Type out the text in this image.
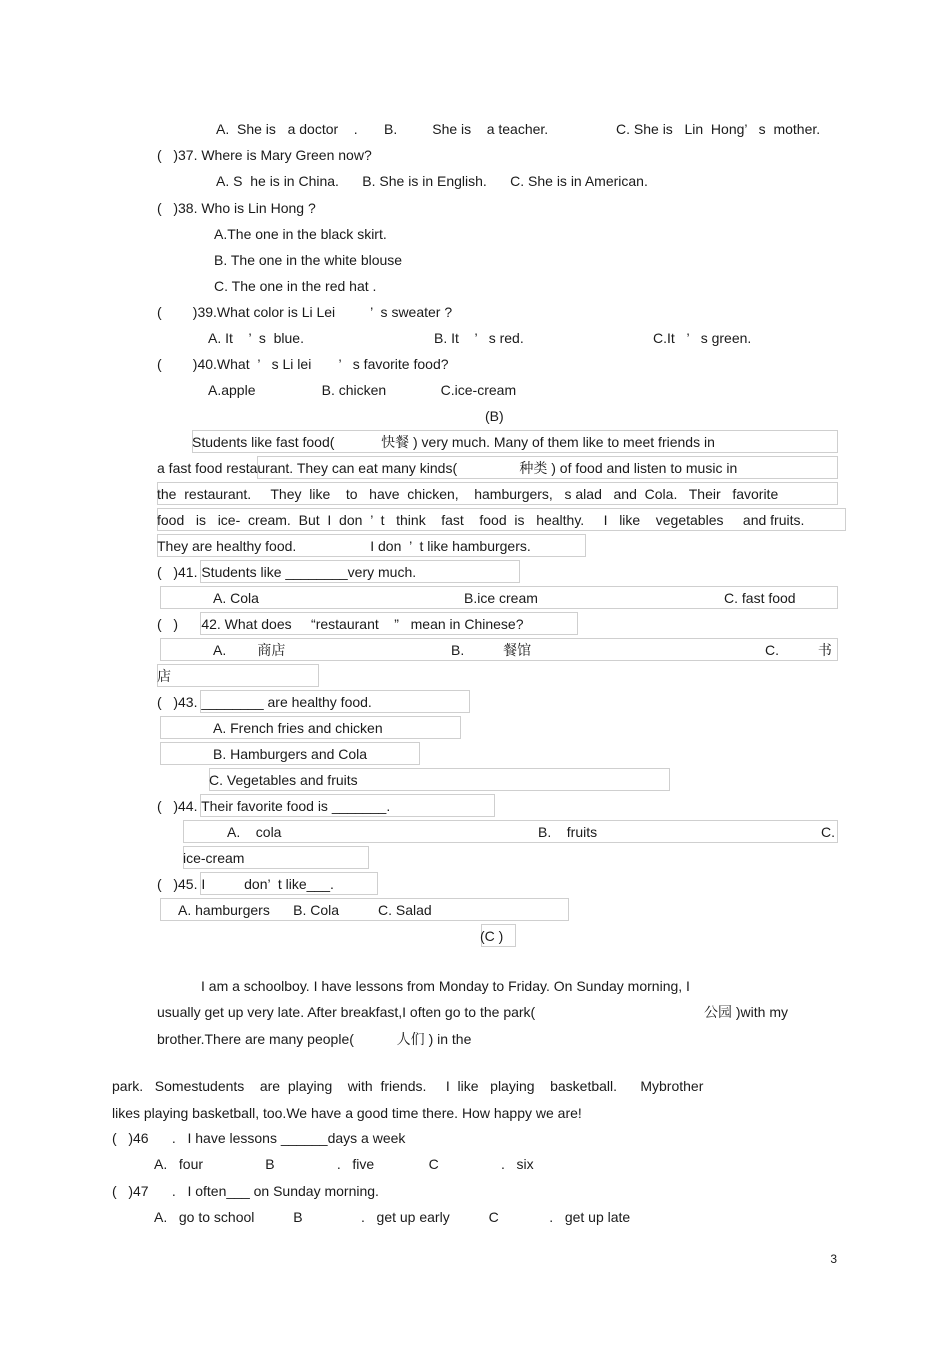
A.  She is   a doctor    . B.         She is    a teacher.	C. She is   Lin  Hong’   s  mother.
(   )37. Where is Mary Green now?
A. S  he is in China.      B. She is in English.      C. She is in American.
(   )38. Who is Lin Hong ?
A.The one in the black skirt.
B. The one in the white blouse
C. The one in the red hat .
(        )39.What color is Li Lei         ’  s sweater ?
A. It    ’  s  blue.	B. It    ’   s red.	C.It   ’   s green.
(        )40.What  ’   s Li lei       ’   s favorite food?
A.apple                 B. chicken              C.ice-cream
(B)
Students like fast food(            快餐 ) very much. Many of them like to meet friends in
a fast food restaurant. They can eat many kinds(                种类 ) of food and listen to music in
the  restaurant.     They  like    to   have  chicken,    hamburgers,   s alad   and  Cola.   Their   favorite
food   is   ice-  cream.  But  I  don  ’  t   think    fast    food  is   healthy.     I   like    vegetables     and fruits.
They are healthy food.                   I don  ’  t like hamburgers.
(   )41. Students like ________very much.
A. Cola	B.ice cream	C. fast food
(   )      42. What does     “restaurant    ”   mean in Chinese?
A.        商店	B.          餐馆	C.          书
店
(   )43. ________ are healthy food.
A. French fries and chicken
B. Hamburgers and Cola
C. Vegetables and fruits
(   )44. Their favorite food is _______.
A.    cola	B.    fruits	C.
ice-cream
(   )45. I          don’  t like___.
A. hamburgers      B. Cola          C. Salad
(C )
I am a schoolboy. I have lessons from Monday to Friday. On Sunday morning, I
usually get up very late. After breakfast,I often go to the park(	公园 )with my
brother.There are many people(           人们 ) in the
park.   Somestudents    are  playing    with  friends.     I  like   playing    basketball.      Mybrother
likes playing basketball, too.We have a good time there. How happy we are!
(   )46      .   I have lessons ______days a week
A.   four                B                .   five              C                .   six
(   )47      .   I often___ on Sunday morning.
A.   go to school          B               .   get up early          C             .   get up late
3
